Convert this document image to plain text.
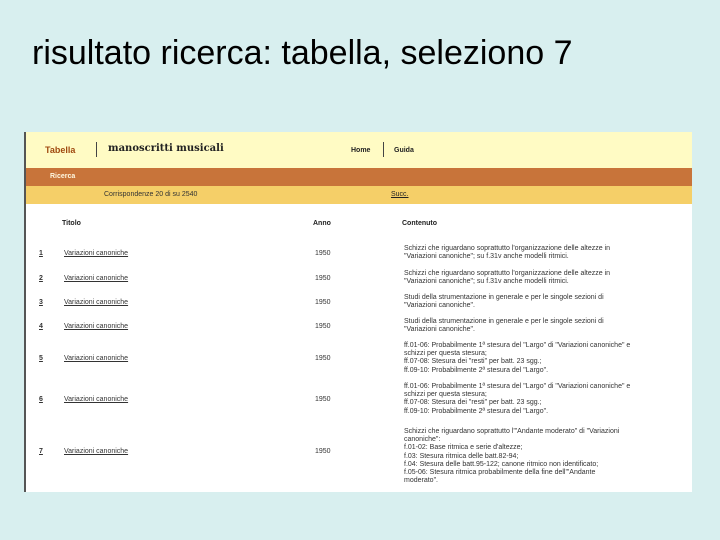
risultato ricerca: tabella, seleziono 7
Tabella	manoscritti musicali	Home	Guida
Ricerca
Corrispondenze 20 di su 2540	Succ.
Titolo	Anno	Contenuto
1	Variazioni canoniche	1950
Schizzi che riguardano soprattutto l'organizzazione delle altezze in
"Variazioni canoniche"; su f.31v anche modelli ritmici.
2	Variazioni canoniche	1950
Schizzi che riguardano soprattutto l'organizzazione delle altezze in
"Variazioni canoniche"; su f.31v anche modelli ritmici.
3	Variazioni canoniche	1950
Studi della strumentazione in generale e per le singole sezioni di
"Variazioni canoniche".
4	Variazioni canoniche	1950
Studi della strumentazione in generale e per le singole sezioni di
"Variazioni canoniche".
5	Variazioni canoniche	1950
ff.01-06: Probabilmente 1ª stesura del "Largo" di "Variazioni canoniche" e
schizzi per questa stesura;
ff.07-08: Stesura dei "resti" per batt. 23 sgg.;
ff.09-10: Probabilmente 2ª stesura del "Largo".
6	Variazioni canoniche	1950
ff.01-06: Probabilmente 1ª stesura del "Largo" di "Variazioni canoniche" e
schizzi per questa stesura;
ff.07-08: Stesura dei "resti" per batt. 23 sgg.;
ff.09-10: Probabilmente 2ª stesura del "Largo".
7	Variazioni canoniche	1950
Schizzi che riguardano soprattutto l'"Andante moderato" di "Variazioni
canoniche":
f.01-02: Base ritmica e serie d'altezze;
f.03: Stesura ritmica delle batt.82-94;
f.04: Stesura delle batt.95-122; canone ritmico non identificato;
f.05-06: Stesura ritmica probabilmente della fine dell'"Andante
moderato".
